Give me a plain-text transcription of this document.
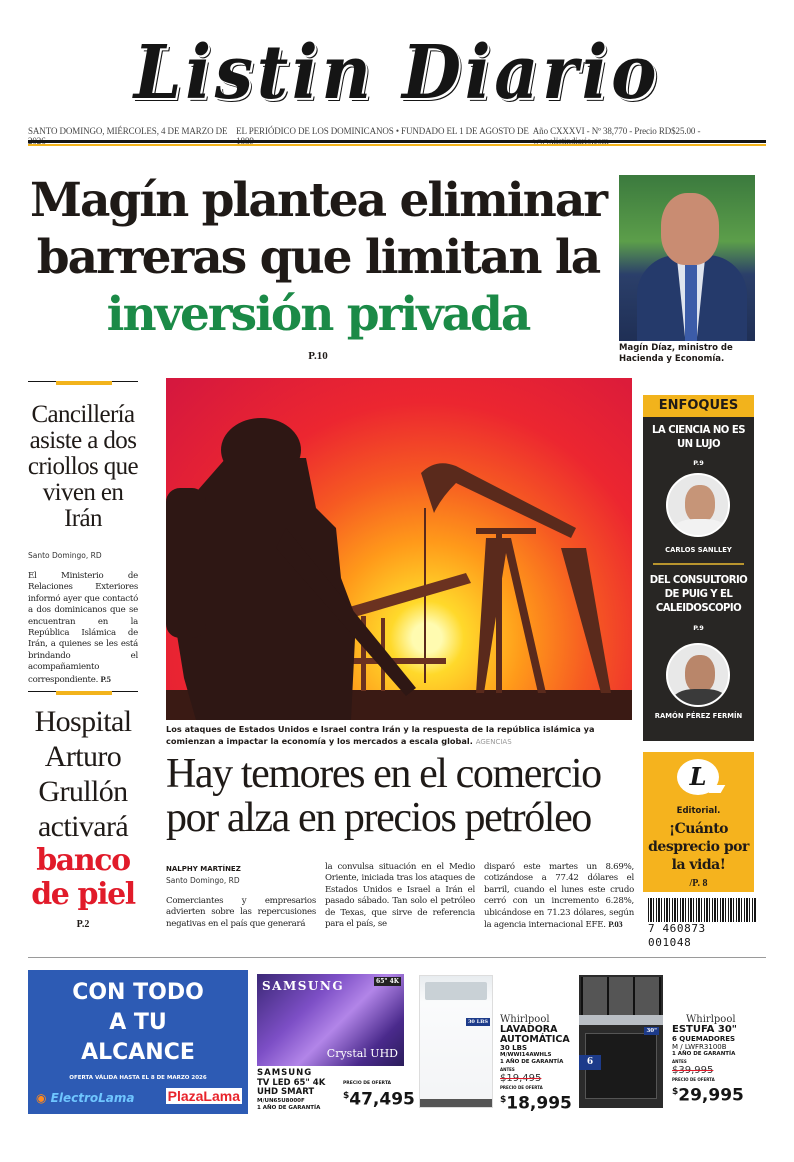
Listin Diario
SANTO DOMINGO, MIÉRCOLES, 4 DE MARZO DE EL PERIÓDICO DE LOS DOMINICANOS • FUNDADO EL 1 DE AGOSTO DE Año CXXXVI - Nº 38,770 - Precio RD$25.00 -
Magín plantea eliminar
barreras que limitan la
inversión privada
P.10
Magín Díaz, ministro de Hacienda y Economía.
Cancillería asiste a dos criollos que viven en Irán
Santo Domingo, RD
El Ministerio de Relaciones Exteriores informó ayer que contactó a dos dominicanos que se encuentran en la República Islámica de Irán, a quienes se les está brindando el acompañamiento correspondiente. P.5
Hospital Arturo Grullón activará
banco de piel
P.2
Los ataques de Estados Unidos e Israel contra Irán y la respuesta de la república islámica ya comienzan a impactar la economía y los mercados a escala global. AGENCIAS
Hay temores en el comercio por alza en precios petróleo
NALPHY MARTÍNEZ
Santo Domingo, RD
Comerciantes y empresarios advierten sobre las repercusiones negativas en el país que generará
la convulsa situación en el Medio Oriente, iniciada tras los ataques de Estados Unidos e Israel a Irán el pasado sábado. Tan solo el petróleo de Texas, que sirve de referencia para el país, se
disparó este martes un 8.69%, cotizándose a 77.42 dólares el barril, cuando el lunes este crudo cerró con un incremento 6.28%, ubicándose en 71.23 dólares, según la agencia internacional EFE. P.03
ENFOQUES
LA CIENCIA NO ES UN LUJO
P.9
CARLOS SANLLEY
DEL CONSULTORIO DE PUIG Y EL CALEIDOSCOPIO
P.9
RAMÓN PÉREZ FERMÍN
L
Editorial.
¡Cuánto desprecio por la vida!
/P. 8
7 460873 001048
CON TODO
A TU
ALCANCE
OFERTA VÁLIDA HASTA EL 8 DE MARZO 2026
◉ ElectroLama PlazaLama
SAMSUNG	65" 4K
Crystal UHD
SAMSUNG
TV LED 65" 4K UHD SMART
M/UN65U8000F
1 AÑO DE GARANTÍA
PRECIO DE OFERTA
$47,495
30 LBS Whirlpool
LAVADORA AUTOMÁTICA
30 LBS
M/WWI14AWHLS
1 AÑO DE GARANTÍA
ANTES
$19,495
PRECIO DE OFERTA
$18,995
30"
6
Whirlpool
ESTUFA 30"
6 QUEMADORES
M / LWFR3100B
1 AÑO DE GARANTÍA
ANTES
$39,995
PRECIO DE OFERTA
$29,995
